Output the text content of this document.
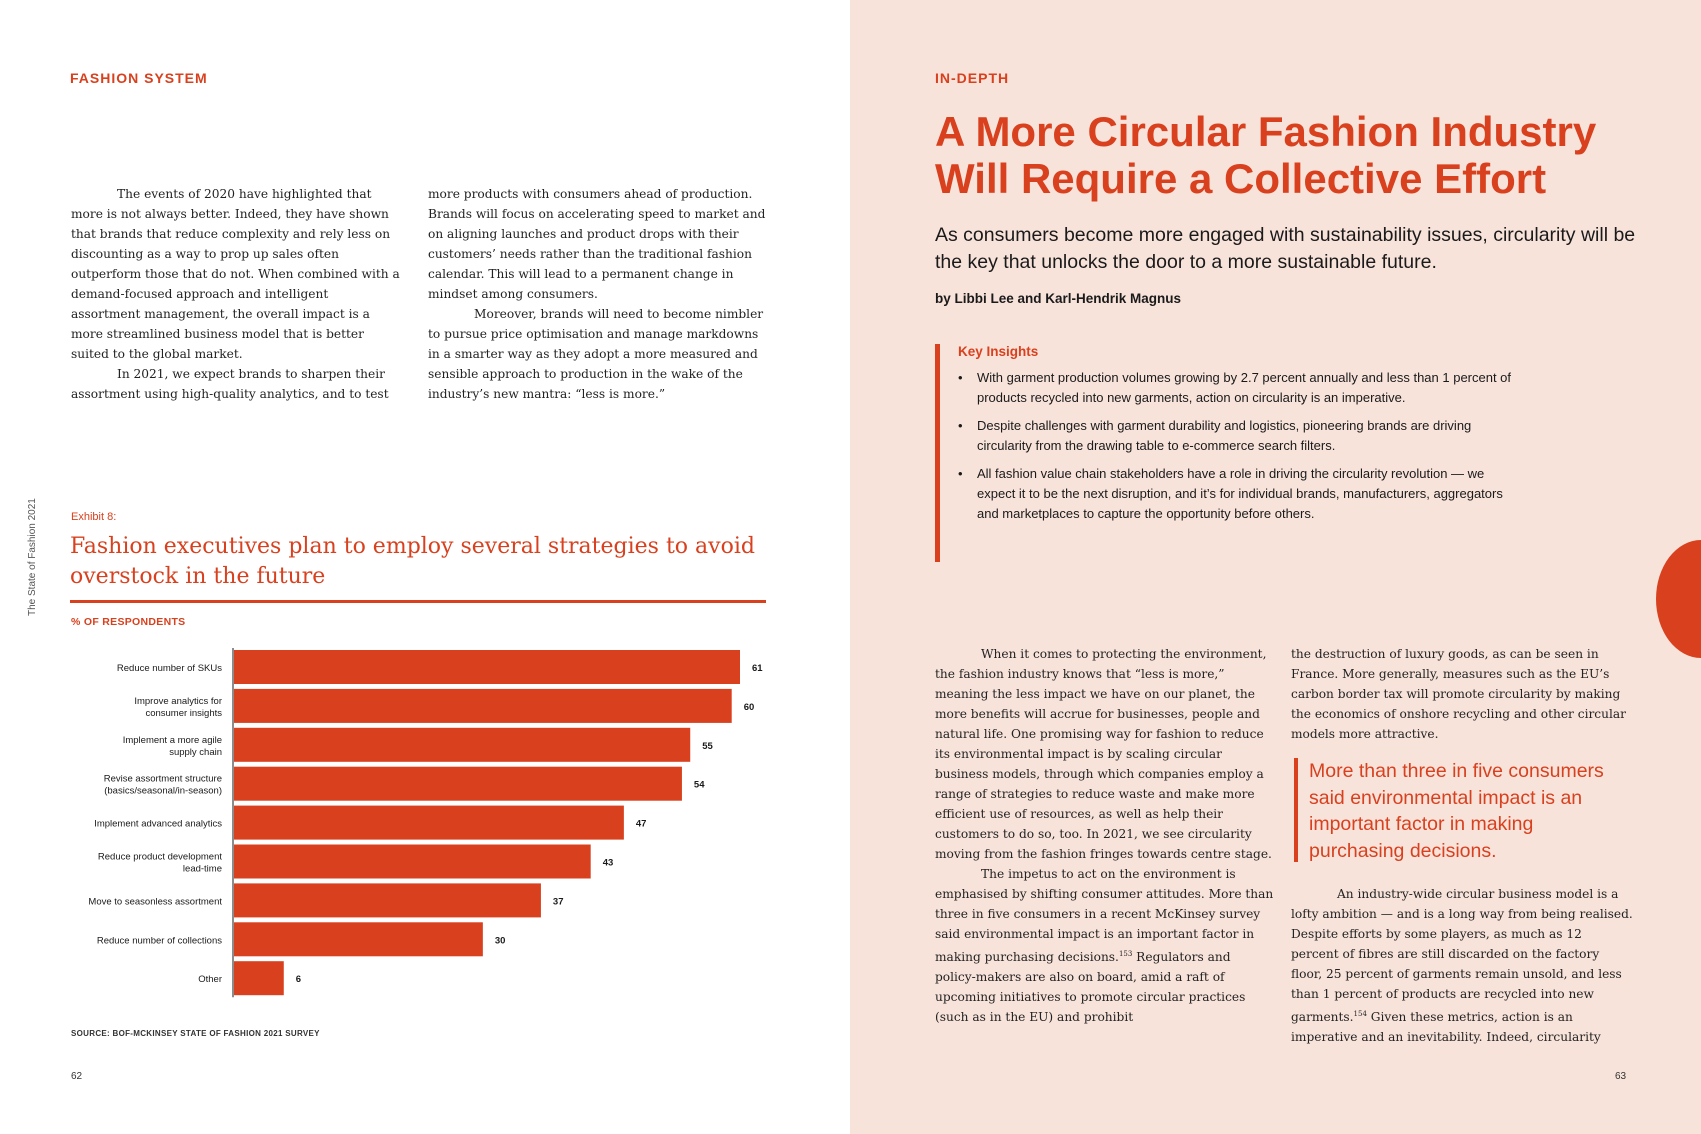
FASHION SYSTEM

The events of 2020 have highlighted that more is not always better. Indeed, they have shown that brands that reduce complexity and rely less on discounting as a way to prop up sales often outperform those that do not. When combined with a demand-focused approach and intelligent assortment management, the overall impact is a more streamlined business model that is better suited to the global market.

In 2021, we expect brands to sharpen their assortment using high-quality analytics, and to test

more products with consumers ahead of production. Brands will focus on accelerating speed to market and on aligning launches and product drops with their customers’ needs rather than the traditional fashion calendar. This will lead to a permanent change in mindset among consumers.

Moreover, brands will need to become nimbler to pursue price optimisation and manage markdowns in a smarter way as they adopt a more measured and sensible approach to production in the wake of the industry’s new mantra: “less is more.”

The State of Fashion 2021	Exhibit 8:
Fashion executives plan to employ several strategies to avoid overstock in the future
% OF RESPONDENTS
61
Reduce number of SKUs
60
Improve analytics for consumer insights
55
Implement a more agile supply chain
54
Revise assortment structure (basics/seasonal/in-season)
47
Implement advanced analytics
43
Reduce product development lead-time
37
Move to seasonless assortment
30
Reduce number of collections
6
Other
SOURCE: BOF-MCKINSEY STATE OF FASHION 2021 SURVEY
62
IN-DEPTH
A More Circular Fashion Industry
Will Require a Collective Effort

As consumers become more engaged with sustainability issues, circularity will be the key that unlocks the door to a more sustainable future.

by Libbi Lee and Karl-Hendrik Magnus
Key Insights
• With garment production volumes growing by 2.7 percent annually and less than 1 percent of products recycled into new garments, action on circularity is an imperative.
• Despite challenges with garment durability and logistics, pioneering brands are driving circularity from the drawing table to e-commerce search filters.
• All fashion value chain stakeholders have a role in driving the circularity revolution — we expect it to be the next disruption, and it’s for individual brands, manufacturers, aggregators and marketplaces to capture the opportunity before others.

When it comes to protecting the environment, the fashion industry knows that “less is more,” meaning the less impact we have on our planet, the more benefits will accrue for businesses, people and natural life. One promising way for fashion to reduce its environmental impact is by scaling circular business models, through which companies employ a range of strategies to reduce waste and make more efficient use of resources, as well as help their customers to do so, too. In 2021, we see circularity moving from the fashion fringes towards centre stage.

The impetus to act on the environment is emphasised by shifting consumer attitudes. More than three in five consumers in a recent McKinsey survey said environmental impact is an important factor in making purchasing decisions.$^{153}$ Regulators and policy-makers are also on board, amid a raft of upcoming initiatives to promote circular practices (such as in the EU) and prohibit

the destruction of luxury goods, as can be seen in France. More generally, measures such as the EU’s carbon border tax will promote circularity by making the economics of onshore recycling and other circular models more attractive.

More than three in five consumers said environmental impact is an important factor in making purchasing decisions.

An industry-wide circular business model is a lofty ambition — and is a long way from being realised. Despite efforts by some players, as much as 12 percent of fibres are still discarded on the factory floor, 25 percent of garments remain unsold, and less than 1 percent of products are recycled into new garments.$^{154}$ Given these metrics, action is an imperative and an inevitability. Indeed, circularity

63
